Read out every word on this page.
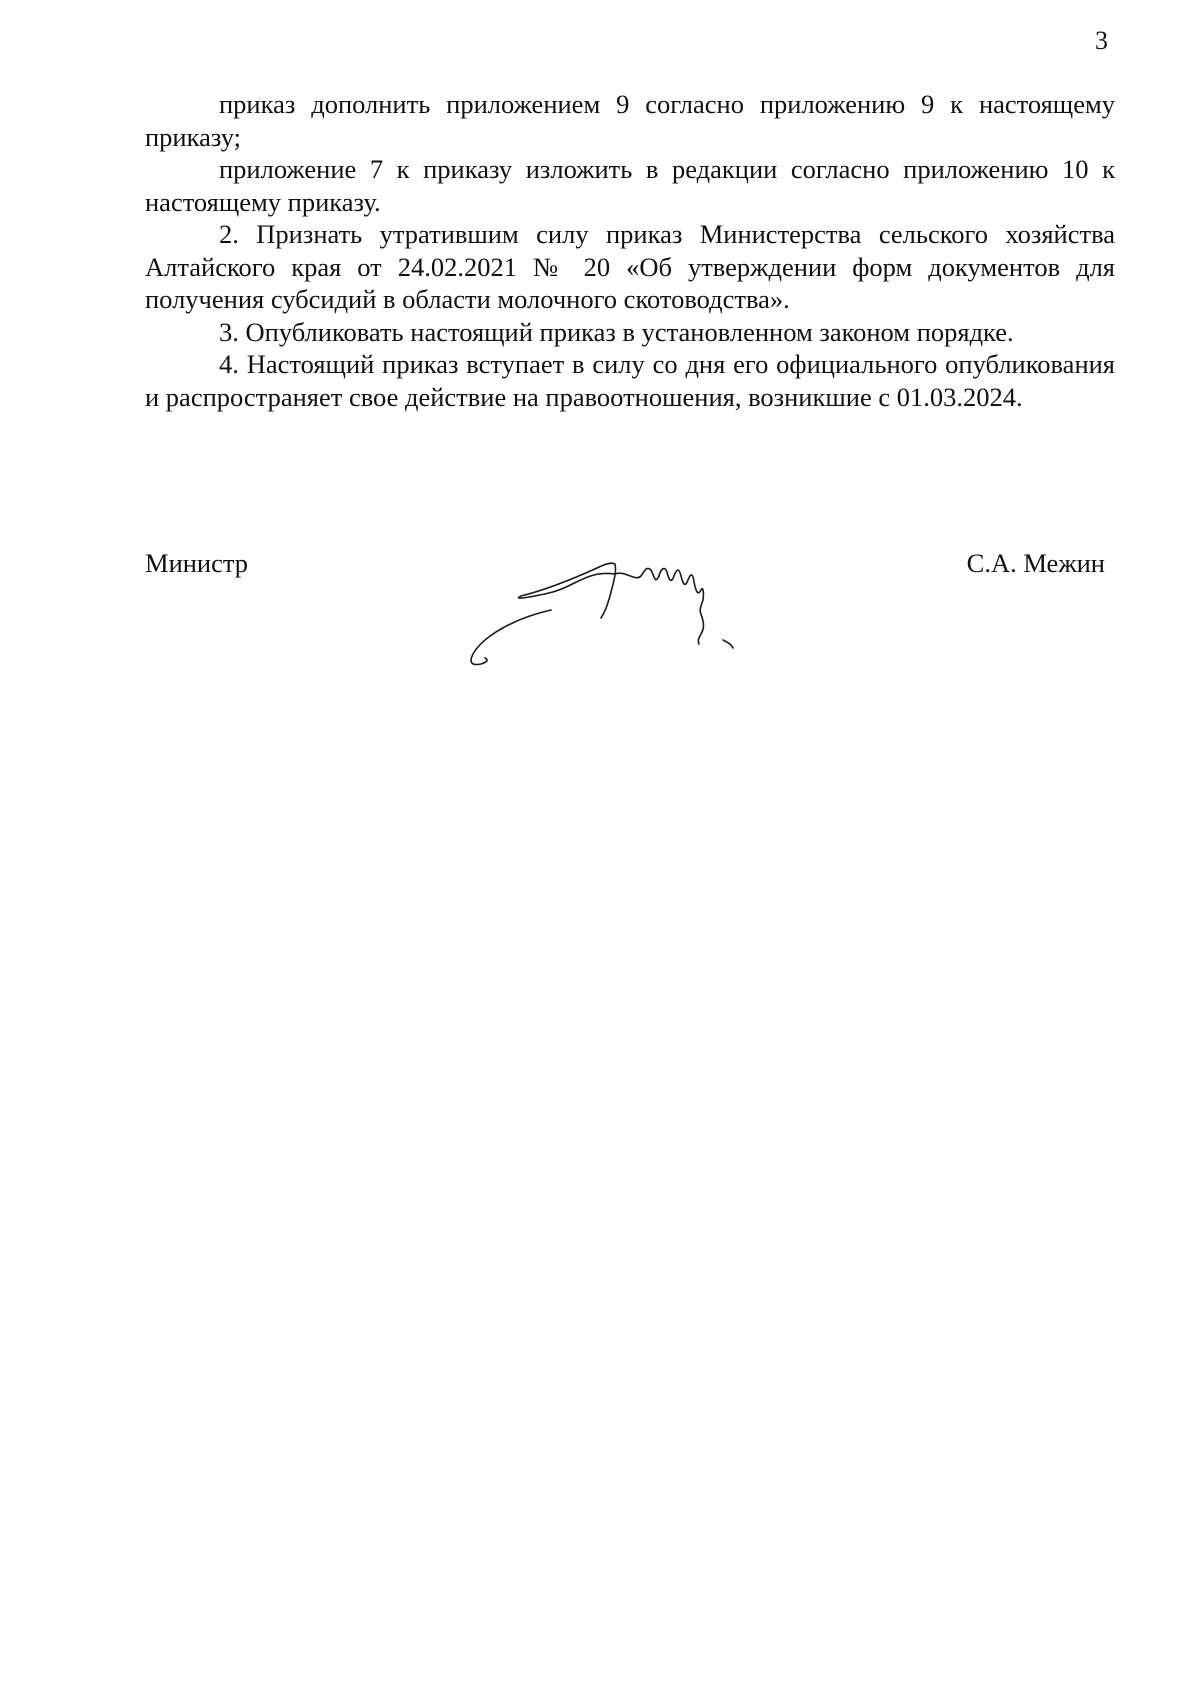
3

приказ дополнить приложением 9 согласно приложению 9 к настоящему приказу;

приложение 7 к приказу изложить в редакции согласно приложению 10 к настоящему приказу.

2. Признать утратившим силу приказ Министерства сельского хозяйства Алтайского края от 24.02.2021 № 20 «Об утверждении форм документов для получения субсидий в области молочного скотоводства».

3. Опубликовать настоящий приказ в установленном законом порядке.

4. Настоящий приказ вступает в силу со дня его официального опубликования и распространяет свое действие на правоотношения, возникшие с 01.03.2024.

Министр	С.А. Межин
